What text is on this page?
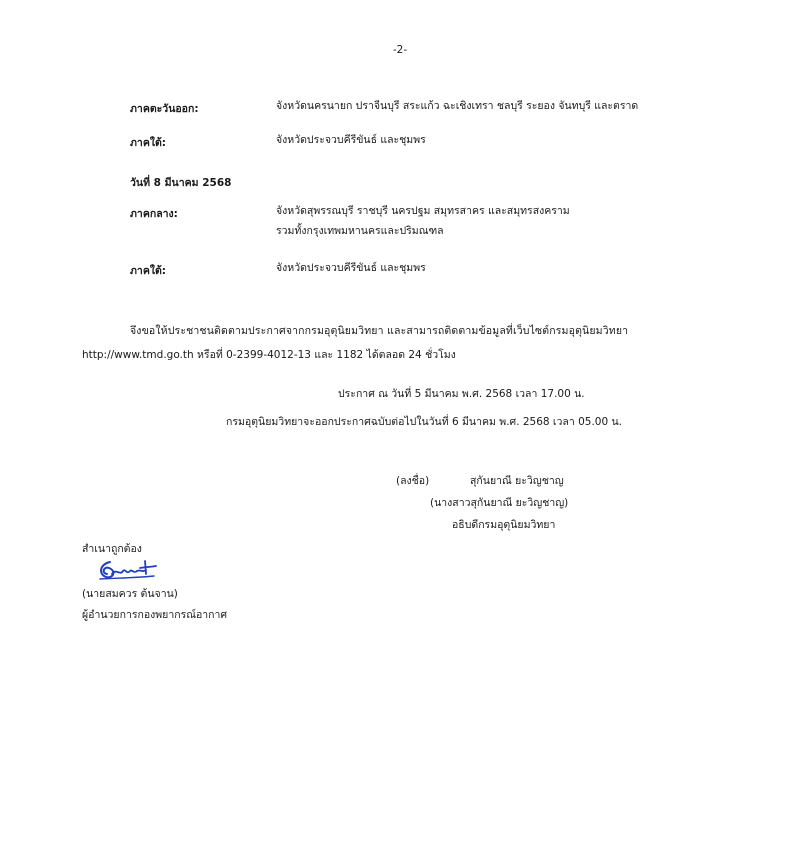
-2-
ภาคตะวันออก:	จังหวัดนครนายก ปราจีนบุรี สระแก้ว ฉะเชิงเทรา ชลบุรี ระยอง จันทบุรี และตราด
ภาคใต้:	จังหวัดประจวบคีรีขันธ์ และชุมพร
วันที่ 8 มีนาคม 2568
ภาคกลาง:	จังหวัดสุพรรณบุรี ราชบุรี นครปฐม สมุทรสาคร และสมุทรสงคราม
รวมทั้งกรุงเทพมหานครและปริมณฑล
ภาคใต้:	จังหวัดประจวบคีรีขันธ์ และชุมพร
จึงขอให้ประชาชนติดตามประกาศจากกรมอุตุนิยมวิทยา และสามารถติดตามข้อมูลที่เว็บไซต์กรมอุตุนิยมวิทยา
http://www.tmd.go.th หรือที่ 0-2399-4012-13 และ 1182 ได้ตลอด 24 ชั่วโมง
ประกาศ ณ วันที่ 5 มีนาคม พ.ศ. 2568 เวลา 17.00 น.
กรมอุตุนิยมวิทยาจะออกประกาศฉบับต่อไปในวันที่ 6 มีนาคม พ.ศ. 2568 เวลา 05.00 น.
(ลงชื่อ)	สุกันยาณี ยะวิญชาญ
(นางสาวสุกันยาณี ยะวิญชาญ)
อธิบดีกรมอุตุนิยมวิทยา
สำเนาถูกต้อง
(นายสมควร ต้นจาน)
ผู้อำนวยการกองพยากรณ์อากาศ
